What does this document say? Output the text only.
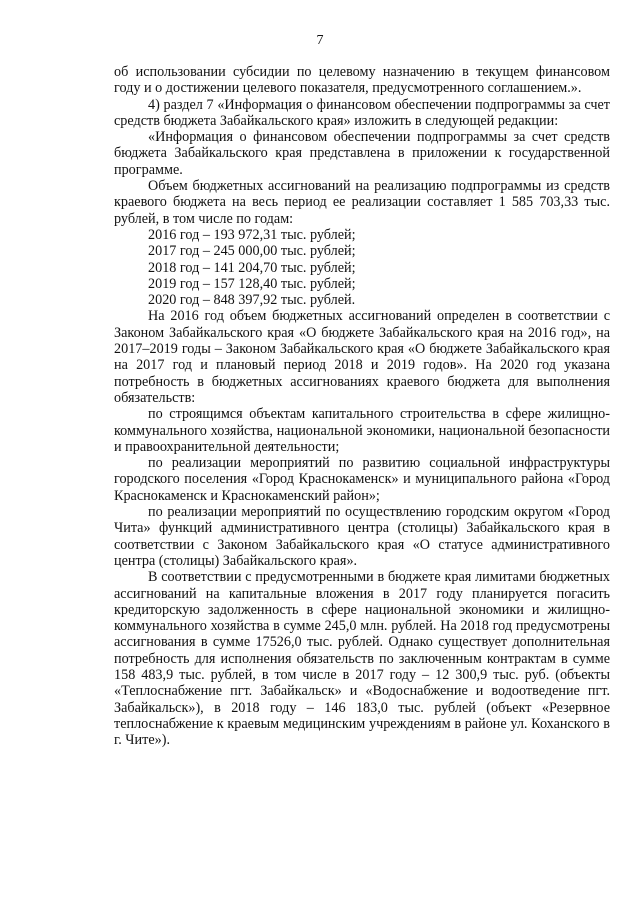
7

об использовании субсидии по целевому назначению в текущем финансовом году и о достижении целевого показателя, предусмотренного соглашением.».

4) раздел 7 «Информация о финансовом обеспечении подпрограммы за счет средств бюджета Забайкальского края» изложить в следующей редакции:

«Информация о финансовом обеспечении подпрограммы за счет средств бюджета Забайкальского края представлена в приложении к государственной программе.

Объем бюджетных ассигнований на реализацию подпрограммы из средств краевого бюджета на весь период ее реализации составляет 1 585 703,33 тыс. рублей, в том числе по годам:

2016 год – 193 972,31 тыс. рублей;

2017 год – 245 000,00 тыс. рублей;

2018 год – 141 204,70 тыс. рублей;

2019 год – 157 128,40 тыс. рублей;

2020 год – 848 397,92 тыс. рублей.

На 2016 год объем бюджетных ассигнований определен в соответствии с Законом Забайкальского края «О бюджете Забайкальского края на 2016 год», на 2017–2019 годы – Законом Забайкальского края «О бюджете Забайкальского края на 2017 год и плановый период 2018 и 2019 годов». На 2020 год указана потребность в бюджетных ассигнованиях краевого бюджета для выполнения обязательств:

по строящимся объектам капитального строительства в сфере жилищно-коммунального хозяйства, национальной экономики, национальной безопасности и правоохранительной деятельности;

по реализации мероприятий по развитию социальной инфраструктуры городского поселения «Город Краснокаменск» и муниципального района «Город Краснокаменск и Краснокаменский район»;

по реализации мероприятий по осуществлению городским округом «Город Чита» функций административного центра (столицы) Забайкальского края в соответствии с Законом Забайкальского края «О статусе административного центра (столицы) Забайкальского края».

В соответствии с предусмотренными в бюджете края лимитами бюджетных ассигнований на капитальные вложения в 2017 году планируется погасить кредиторскую задолженность в сфере национальной экономики и жилищно-коммунального хозяйства в сумме 245,0 млн. рублей. На 2018 год предусмотрены ассигнования в сумме 17526,0 тыс. рублей. Однако существует дополнительная потребность для исполнения обязательств по заключенным контрактам в сумме 158 483,9 тыс. рублей, в том числе в 2017 году – 12 300,9 тыс. руб. (объекты «Теплоснабжение пгт. Забайкальск» и «Водоснабжение и водоотведение пгт. Забайкальск»), в 2018 году – 146 183,0 тыс. рублей (объект «Резервное теплоснабжение к краевым медицинским учреждениям в районе ул. Коханского в г. Чите»).
